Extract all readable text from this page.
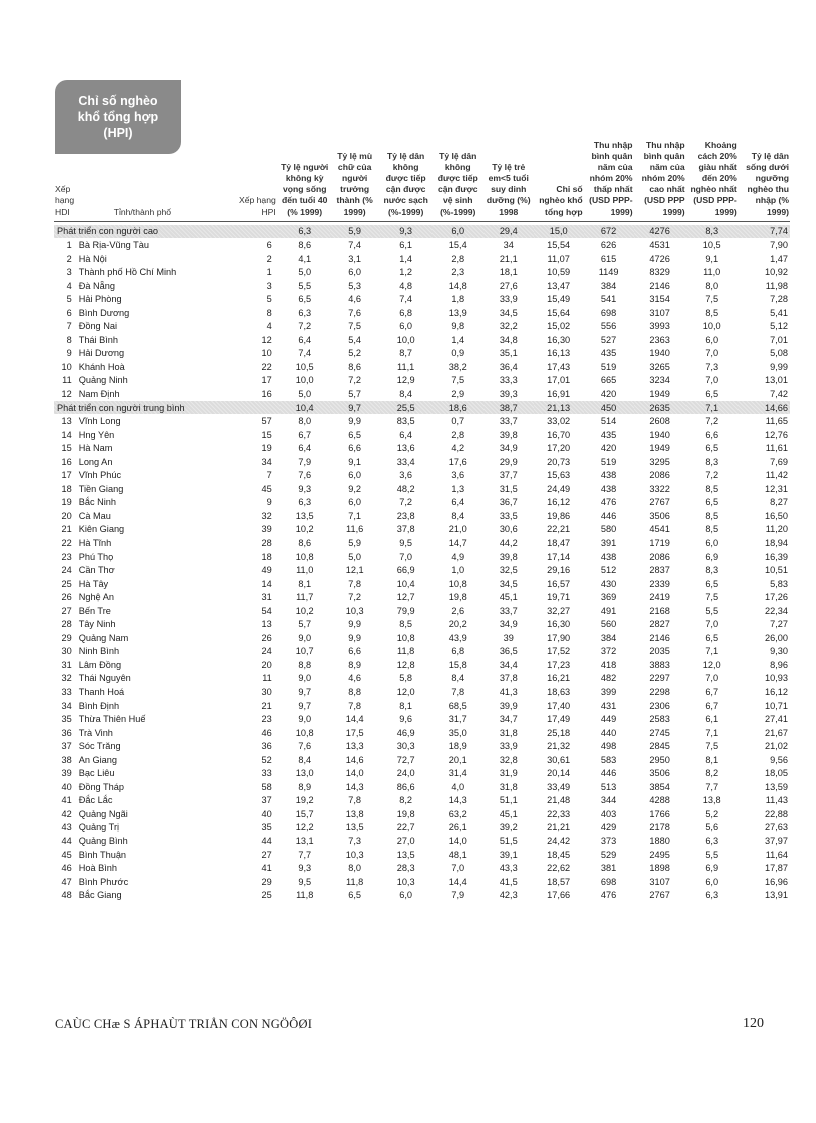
Chỉ số nghèo
khổ tổng hợp
(HPI)
Xếp hạng HDI	Tỉnh/thành phố	Xếp hạng HPI	Tỷ lệ người không kỳ vọng sống đến tuổi 40 (% 1999)	Tỷ lệ mù chữ của người trưởng thành (% 1999)	Tỷ lệ dân không được tiếp cận được nước sạch (%-1999)	Tỷ lệ dân không được tiếp cận được vệ sinh (%-1999)	Tỷ lệ trẻ em<5 tuổi suy dinh dưỡng (%) 1998	Chỉ số nghèo khổ tổng hợp	Thu nhập bình quân năm của nhóm 20% thấp nhất (USD PPP-1999)	Thu nhập bình quân năm của nhóm 20% cao nhất (USD PPP 1999)	Khoảng cách 20% giàu nhất đến 20% nghèo nhất (USD PPP-1999)	Tỷ lệ dân sống dưới ngưỡng nghèo thu nhập (% 1999)

Phát triển con người cao			6,3	5,9	9,3	6,0	29,4	15,0	672	4276	8,3	7,74
1	Bà Rịa-Vũng Tàu	6	8,6	7,4	6,1	15,4	34	15,54	626	4531	10,5	7,90
2	Hà Nội	2	4,1	3,1	1,4	2,8	21,1	11,07	615	4726	9,1	1,47
3	Thành phố Hồ Chí Minh	1	5,0	6,0	1,2	2,3	18,1	10,59	1149	8329	11,0	10,92
4	Đà Nẵng	3	5,5	5,3	4,8	14,8	27,6	13,47	384	2146	8,0	11,98
5	Hải Phòng	5	6,5	4,6	7,4	1,8	33,9	15,49	541	3154	7,5	7,28
6	Bình Dương	8	6,3	7,6	6,8	13,9	34,5	15,64	698	3107	8,5	5,41
7	Đồng Nai	4	7,2	7,5	6,0	9,8	32,2	15,02	556	3993	10,0	5,12
8	Thái Bình	12	6,4	5,4	10,0	1,4	34,8	16,30	527	2363	6,0	7,01
9	Hải Dương	10	7,4	5,2	8,7	0,9	35,1	16,13	435	1940	7,0	5,08
10	Khánh Hoà	22	10,5	8,6	11,1	38,2	36,4	17,43	519	3265	7,3	9,99
11	Quảng Ninh	17	10,0	7,2	12,9	7,5	33,3	17,01	665	3234	7,0	13,01
12	Nam Định	16	5,0	5,7	8,4	2,9	39,3	16,91	420	1949	6,5	7,42
Phát triển con người trung bình			10,4	9,7	25,5	18,6	38,7	21,13	450	2635	7,1	14,66
13	Vĩnh Long	57	8,0	9,9	83,5	0,7	33,7	33,02	514	2608	7,2	11,65
14	Hng Yên	15	6,7	6,5	6,4	2,8	39,8	16,70	435	1940	6,6	12,76
15	Hà Nam	19	6,4	6,6	13,6	4,2	34,9	17,20	420	1949	6,5	11,61
16	Long An	34	7,9	9,1	33,4	17,6	29,9	20,73	519	3295	8,3	7,69
17	Vĩnh Phúc	7	7,6	6,0	3,6	3,6	37,7	15,63	438	2086	7,2	11,42
18	Tiền Giang	45	9,3	9,2	48,2	1,3	31,5	24,49	438	3322	8,5	12,31
19	Bắc Ninh	9	6,3	6,0	7,2	6,4	36,7	16,12	476	2767	6,5	8,27
20	Cà Mau	32	13,5	7,1	23,8	8,4	33,5	19,86	446	3506	8,5	16,50
21	Kiên Giang	39	10,2	11,6	37,8	21,0	30,6	22,21	580	4541	8,5	11,20
22	Hà Tĩnh	28	8,6	5,9	9,5	14,7	44,2	18,47	391	1719	6,0	18,94
23	Phú Thọ	18	10,8	5,0	7,0	4,9	39,8	17,14	438	2086	6,9	16,39
24	Cần Thơ	49	11,0	12,1	66,9	1,0	32,5	29,16	512	2837	8,3	10,51
25	Hà Tây	14	8,1	7,8	10,4	10,8	34,5	16,57	430	2339	6,5	5,83
26	Nghệ An	31	11,7	7,2	12,7	19,8	45,1	19,71	369	2419	7,5	17,26
27	Bến Tre	54	10,2	10,3	79,9	2,6	33,7	32,27	491	2168	5,5	22,34
28	Tây Ninh	13	5,7	9,9	8,5	20,2	34,9	16,30	560	2827	7,0	7,27
29	Quảng Nam	26	9,0	9,9	10,8	43,9	39	17,90	384	2146	6,5	26,00
30	Ninh Bình	24	10,7	6,6	11,8	6,8	36,5	17,52	372	2035	7,1	9,30
31	Lâm Đồng	20	8,8	8,9	12,8	15,8	34,4	17,23	418	3883	12,0	8,96
32	Thái Nguyên	11	9,0	4,6	5,8	8,4	37,8	16,21	482	2297	7,0	10,93
33	Thanh Hoá	30	9,7	8,8	12,0	7,8	41,3	18,63	399	2298	6,7	16,12
34	Bình Định	21	9,7	7,8	8,1	68,5	39,9	17,40	431	2306	6,7	10,71
35	Thừa Thiên Huế	23	9,0	14,4	9,6	31,7	34,7	17,49	449	2583	6,1	27,41
36	Trà Vinh	46	10,8	17,5	46,9	35,0	31,8	25,18	440	2745	7,1	21,67
37	Sóc Trăng	36	7,6	13,3	30,3	18,9	33,9	21,32	498	2845	7,5	21,02
38	An Giang	52	8,4	14,6	72,7	20,1	32,8	30,61	583	2950	8,1	9,56
39	Bạc Liêu	33	13,0	14,0	24,0	31,4	31,9	20,14	446	3506	8,2	18,05
40	Đồng Tháp	58	8,9	14,3	86,6	4,0	31,8	33,49	513	3854	7,7	13,59
41	Đắc Lắc	37	19,2	7,8	8,2	14,3	51,1	21,48	344	4288	13,8	11,43
42	Quảng Ngãi	40	15,7	13,8	19,8	63,2	45,1	22,33	403	1766	5,2	22,88
43	Quảng Trị	35	12,2	13,5	22,7	26,1	39,2	21,21	429	2178	5,6	27,63
44	Quảng Bình	44	13,1	7,3	27,0	14,0	51,5	24,42	373	1880	6,3	37,97
45	Bình Thuận	27	7,7	10,3	13,5	48,1	39,1	18,45	529	2495	5,5	11,64
46	Hoà Bình	41	9,3	8,0	28,3	7,0	43,3	22,62	381	1898	6,9	17,87
47	Bình Phước	29	9,5	11,8	10,3	14,4	41,5	18,57	698	3107	6,0	16,96
48	Bắc Giang	25	11,8	6,5	6,0	7,9	42,3	17,66	476	2767	6,3	13,91
CAÙC CHæ S ÁPHAÙT TRIÅN CON NGÖÔØI	120
